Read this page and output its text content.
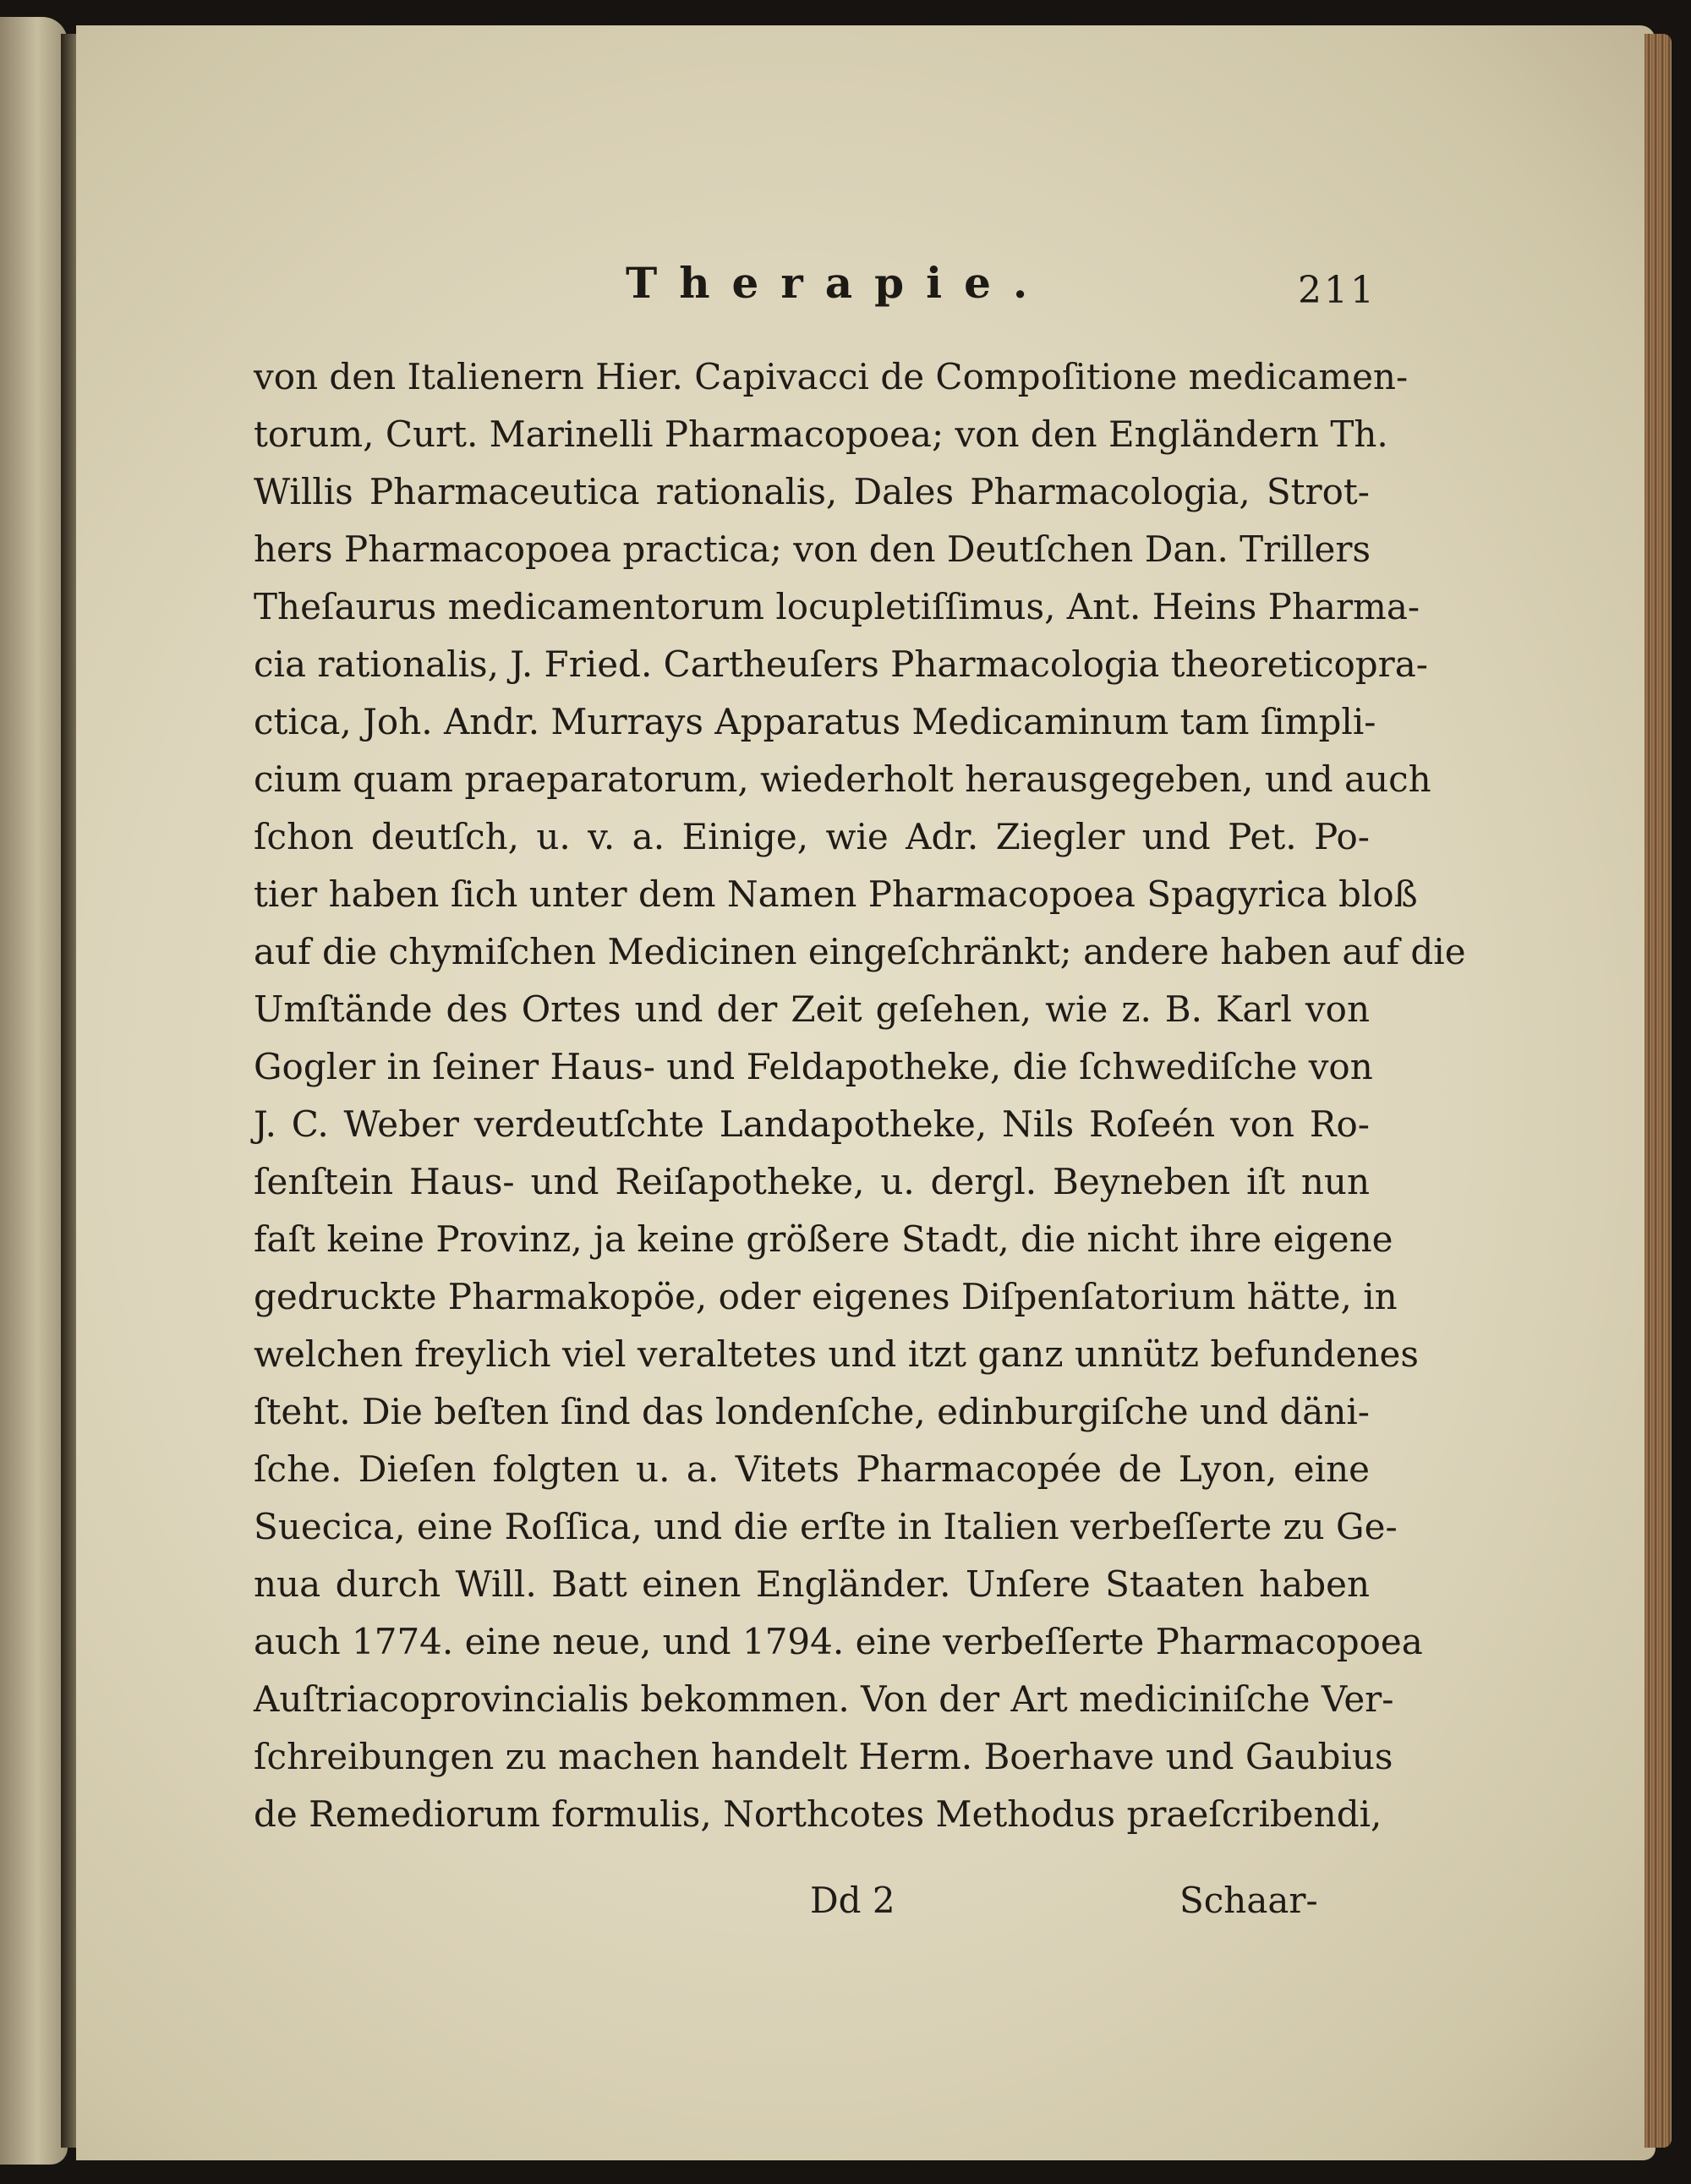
Therapie.	211
von den Italienern Hier. Capivacci de Compoſitione medicamen-
torum, Curt. Marinelli Pharmacopoea; von den Engländern Th.
Willis Pharmaceutica rationalis, Dales Pharmacologia, Strot-
hers Pharmacopoea practica; von den Deutſchen Dan. Trillers
Theſaurus medicamentorum locupletiſſimus, Ant. Heins Pharma-
cia rationalis, J. Fried. Cartheuſers Pharmacologia theoreticopra-
ctica, Joh. Andr. Murrays Apparatus Medicaminum tam ſimpli-
cium quam praeparatorum, wiederholt herausgegeben, und auch
ſchon deutſch, u. v. a. Einige, wie Adr. Ziegler und Pet. Po-
tier haben ſich unter dem Namen Pharmacopoea Spagyrica bloß
auf die chymiſchen Medicinen eingeſchränkt; andere haben auf die
Umſtände des Ortes und der Zeit geſehen, wie z. B. Karl von
Gogler in ſeiner Haus- und Feldapotheke, die ſchwediſche von
J. C. Weber verdeutſchte Landapotheke, Nils Roſeén von Ro-
ſenſtein Haus- und Reiſapotheke, u. dergl. Beyneben iſt nun
faſt keine Provinz, ja keine größere Stadt, die nicht ihre eigene
gedruckte Pharmakopöe, oder eigenes Diſpenſatorium hätte, in
welchen freylich viel veraltetes und itzt ganz unnütz befundenes
ſteht. Die beſten ſind das londenſche, edinburgiſche und däni-
ſche. Dieſen folgten u. a. Vitets Pharmacopée de Lyon, eine
Suecica, eine Roſſica, und die erſte in Italien verbeſſerte zu Ge-
nua durch Will. Batt einen Engländer. Unſere Staaten haben
auch 1774. eine neue, und 1794. eine verbeſſerte Pharmacopoea
Auſtriacoprovincialis bekommen. Von der Art mediciniſche Ver-
ſchreibungen zu machen handelt Herm. Boerhave und Gaubius
de Remediorum formulis, Northcotes Methodus praeſcribendi,
Dd 2	Schaar-
